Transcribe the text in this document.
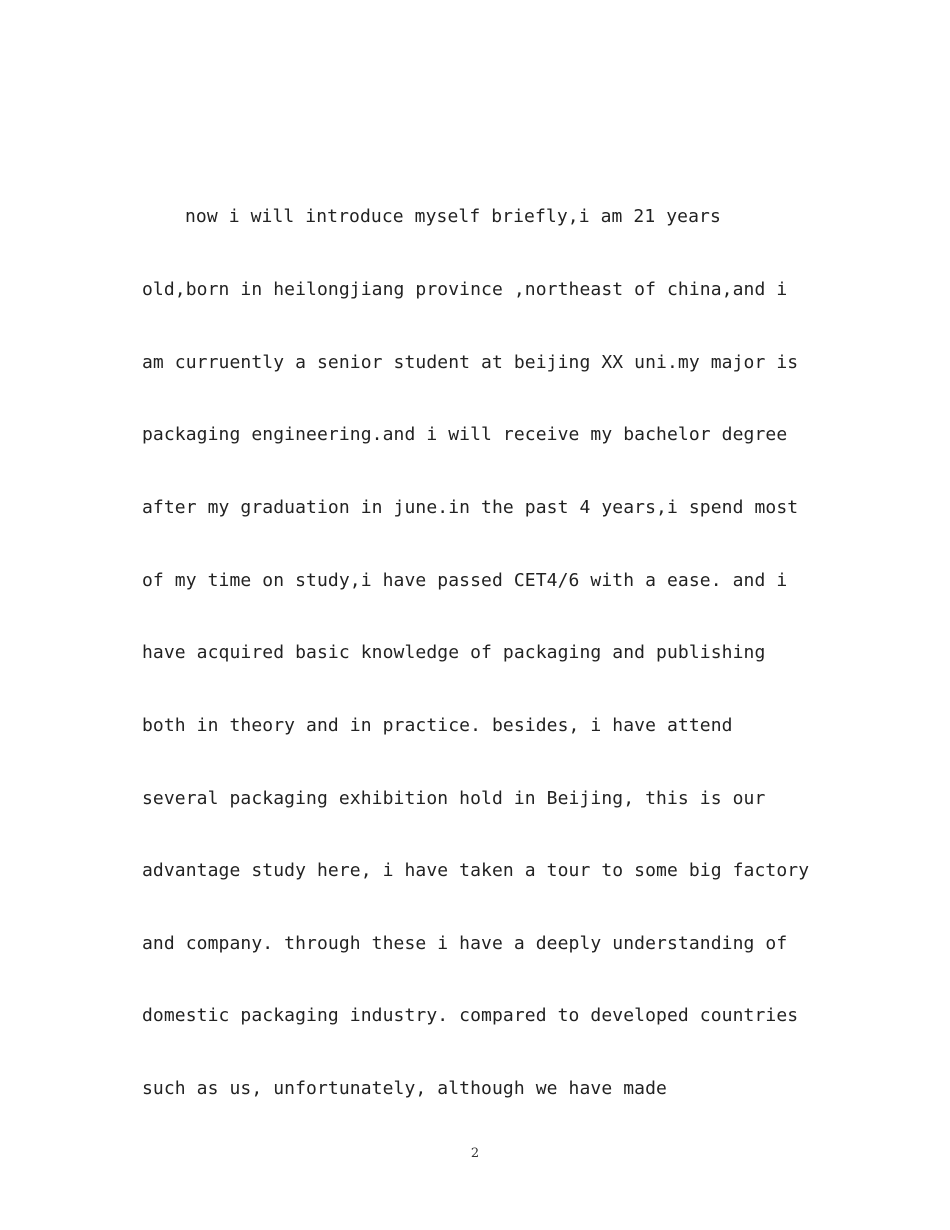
now i will introduce myself briefly,i am 21 years
old,born in heilongjiang province ,northeast of china,and i
am curruently a senior student at beijing XX uni.my major is
packaging engineering.and i will receive my bachelor degree
after my graduation in june.in the past 4 years,i spend most
of my time on study,i have passed CET4/6 with a ease. and i
have acquired basic knowledge of packaging and publishing
both in theory and in practice. besides, i have attend
several packaging exhibition hold in Beijing, this is our
advantage study here, i have taken a tour to some big factory
and company. through these i have a deeply understanding of
domestic packaging industry. compared to developed countries
such as us, unfortunately, although we have made
2
